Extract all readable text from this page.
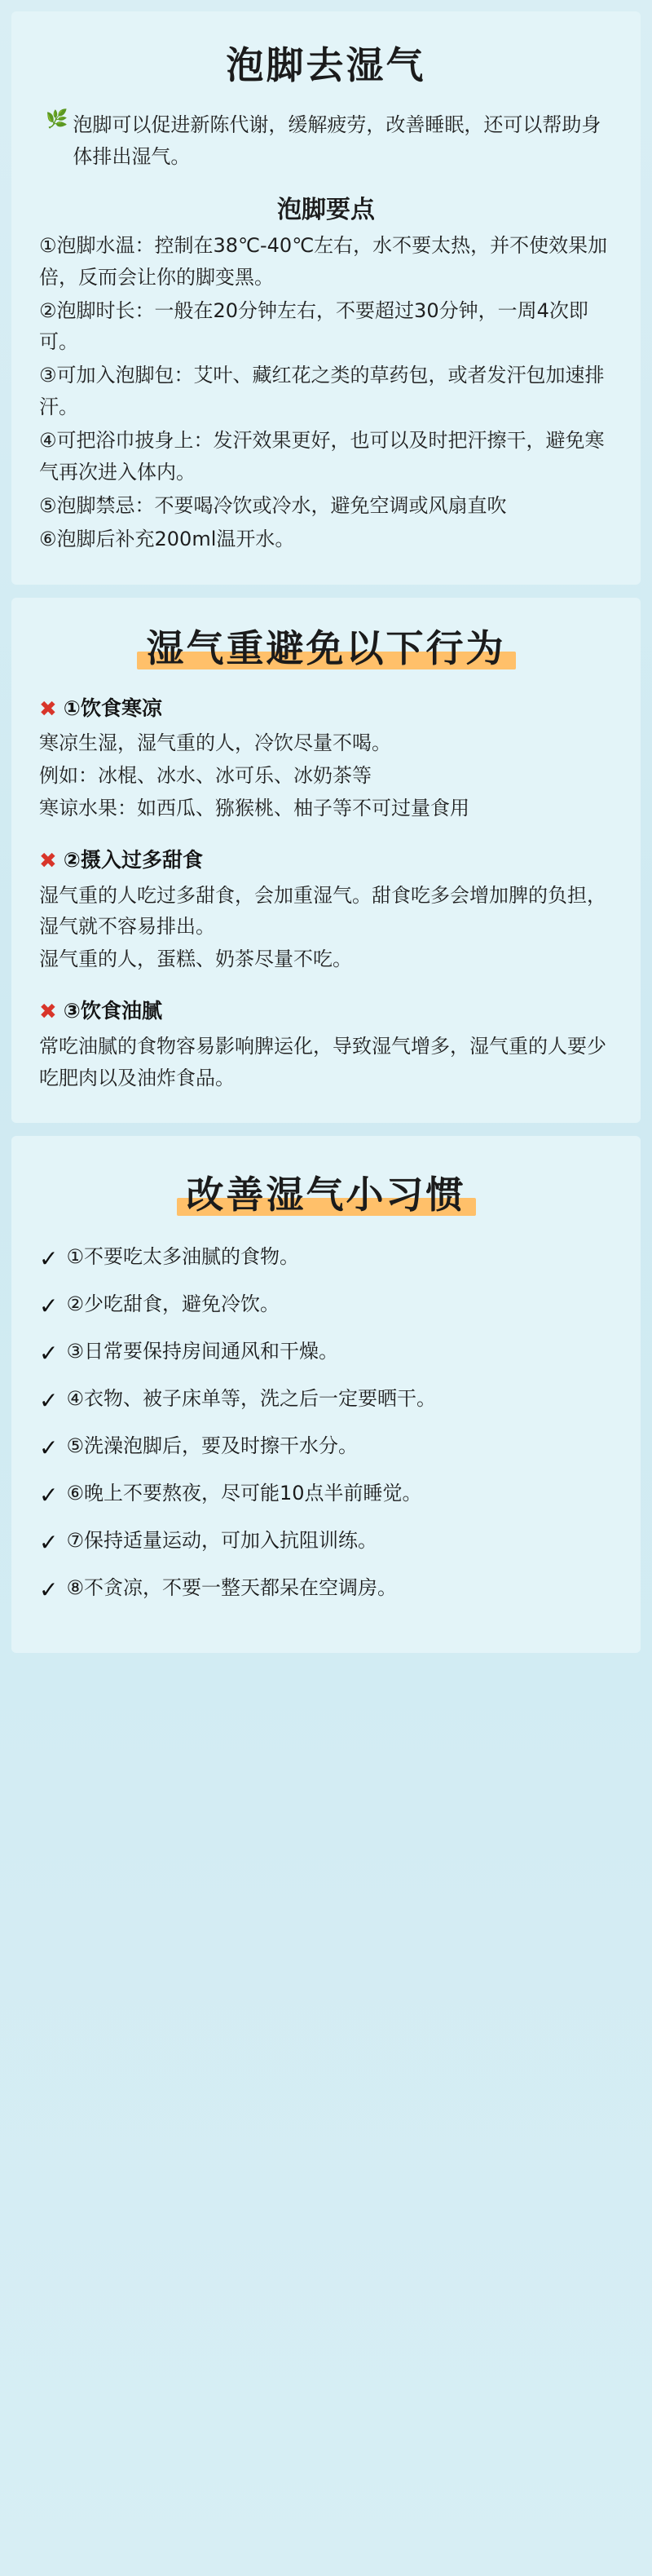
泡脚去湿气
🌿 泡脚可以促进新陈代谢，缓解疲劳，改善睡眠，还可以帮助身体排出湿气。
泡脚要点
①泡脚水温：控制在38℃-40℃左右，水不要太热，并不使效果加倍，反而会让你的脚变黑。
②泡脚时长：一般在20分钟左右，不要超过30分钟，一周4次即可。
③可加入泡脚包：艾叶、藏红花之类的草药包，或者发汗包加速排汗。
④可把浴巾披身上：发汗效果更好，也可以及时把汗擦干，避免寒气再次进入体内。
⑤泡脚禁忌：不要喝冷饮或冷水，避免空调或风扇直吹
⑥泡脚后补充200ml温开水。
湿气重避免以下行为
✖ ①饮食寒凉
寒凉生湿，湿气重的人，冷饮尽量不喝。
例如：冰棍、冰水、冰可乐、冰奶茶等
寒谅水果：如西瓜、猕猴桃、柚子等不可过量食用
✖ ②摄入过多甜食
湿气重的人吃过多甜食，会加重湿气。甜食吃多会增加脾的负担，湿气就不容易排出。
湿气重的人，蛋糕、奶茶尽量不吃。
✖ ③饮食油腻
常吃油腻的食物容易影响脾运化，导致湿气增多，湿气重的人要少吃肥肉以及油炸食品。
改善湿气小习惯
✓ ①不要吃太多油腻的食物。
✓ ②少吃甜食，避免冷饮。
✓ ③日常要保持房间通风和干燥。
✓ ④衣物、被子床单等，洗之后一定要晒干。
✓ ⑤洗澡泡脚后，要及时擦干水分。
✓ ⑥晚上不要熬夜，尽可能10点半前睡觉。
✓ ⑦保持适量运动，可加入抗阻训练。
✓ ⑧不贪凉，不要一整天都呆在空调房。
